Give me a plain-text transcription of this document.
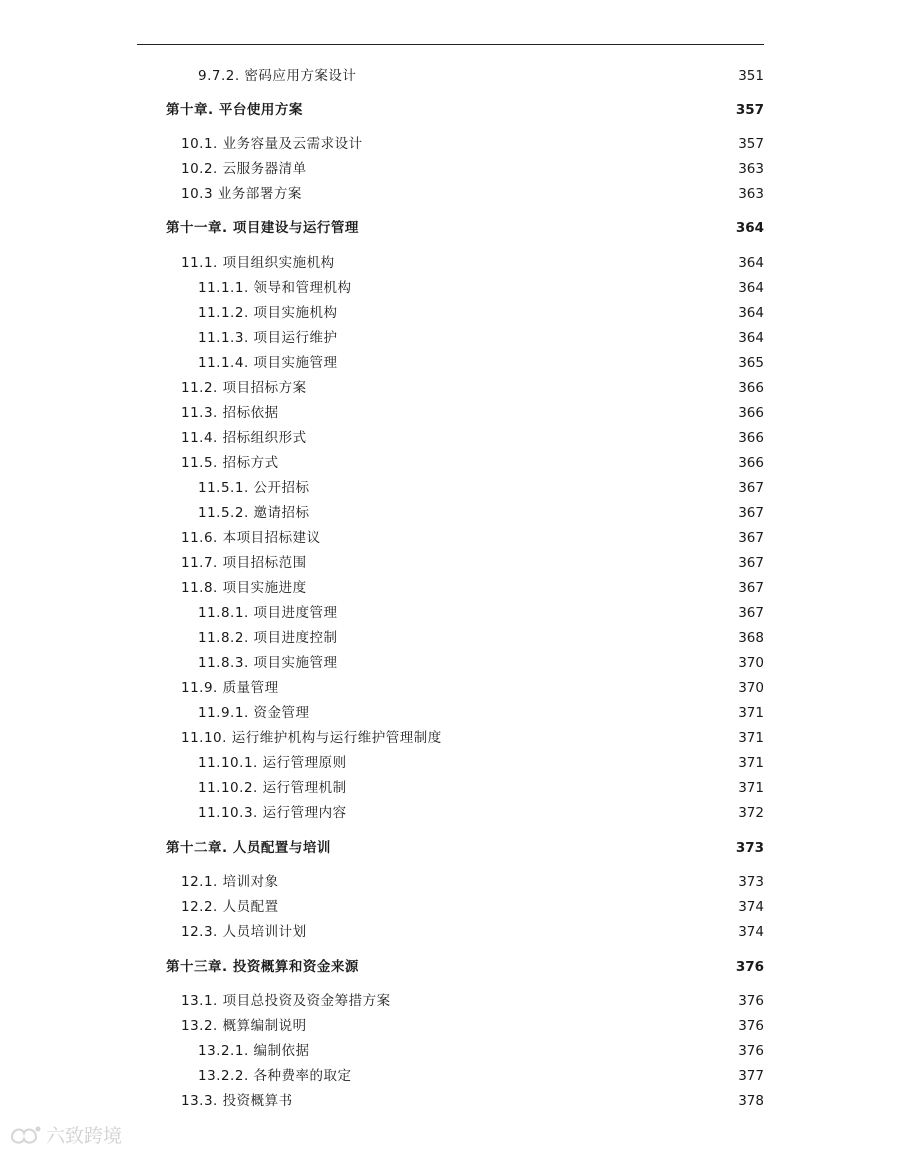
9.7.2. 密码应用方案设计	351
第十章. 平台使用方案	357
10.1. 业务容量及云需求设计	357
10.2. 云服务器清单	363
10.3 业务部署方案	363
第十一章. 项目建设与运行管理	364
11.1. 项目组织实施机构	364
11.1.1. 领导和管理机构	364
11.1.2. 项目实施机构	364
11.1.3. 项目运行维护	364
11.1.4. 项目实施管理	365
11.2. 项目招标方案	366
11.3. 招标依据	366
11.4. 招标组织形式	366
11.5. 招标方式	366
11.5.1. 公开招标	367
11.5.2. 邀请招标	367
11.6. 本项目招标建议	367
11.7. 项目招标范围	367
11.8. 项目实施进度	367
11.8.1. 项目进度管理	367
11.8.2. 项目进度控制	368
11.8.3. 项目实施管理	370
11.9. 质量管理	370
11.9.1. 资金管理	371
11.10. 运行维护机构与运行维护管理制度	371
11.10.1. 运行管理原则	371
11.10.2. 运行管理机制	371
11.10.3. 运行管理内容	372
第十二章. 人员配置与培训	373
12.1. 培训对象	373
12.2. 人员配置	374
12.3. 人员培训计划	374
第十三章. 投资概算和资金来源	376
13.1. 项目总投资及资金筹措方案	376
13.2. 概算编制说明	376
13.2.1. 编制依据	376
13.2.2. 各种费率的取定	377
13.3. 投资概算书	378
六致跨境
